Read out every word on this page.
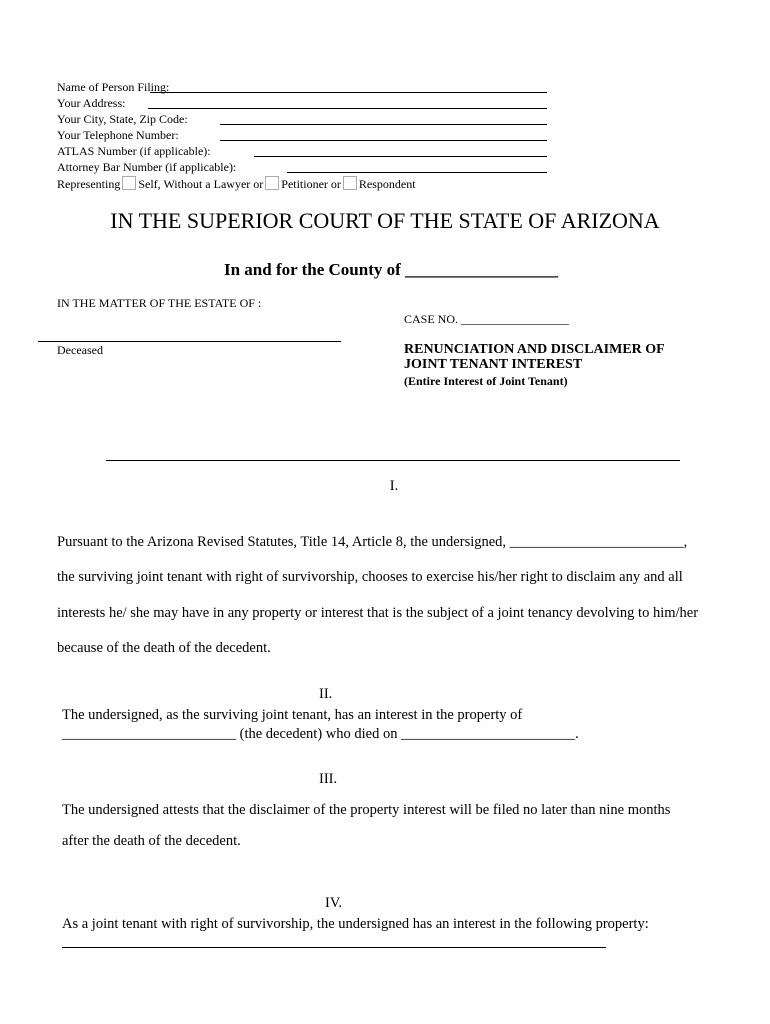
Name of Person Filing:
Your Address:
Your City, State, Zip Code:
Your Telephone Number:
ATLAS Number (if applicable):
Attorney Bar Number (if applicable):
Representing Self, Without a Lawyer or Petitioner or Respondent
IN THE SUPERIOR COURT OF THE STATE OF ARIZONA
In and for the County of __________________
IN THE MATTER OF THE ESTATE OF :
CASE NO. __________________
Deceased	RENUNCIATION AND DISCLAIMER OF
JOINT TENANT INTEREST
(Entire Interest of Joint Tenant)
I.
Pursuant to the Arizona Revised Statutes, Title 14, Article 8, the undersigned, ________________________,
the surviving joint tenant with right of survivorship, chooses to exercise his/her right to disclaim any and all
interests he/ she may have in any property or interest that is the subject of a joint tenancy devolving to him/her
because of the death of the decedent.
II.
The undersigned, as the surviving joint tenant, has an interest in the property of
________________________ (the decedent) who died on ________________________.
III.
The undersigned attests that the disclaimer of the property interest will be filed no later than nine months
after the death of the decedent.
IV.
As a joint tenant with right of survivorship, the undersigned has an interest in the following property:
